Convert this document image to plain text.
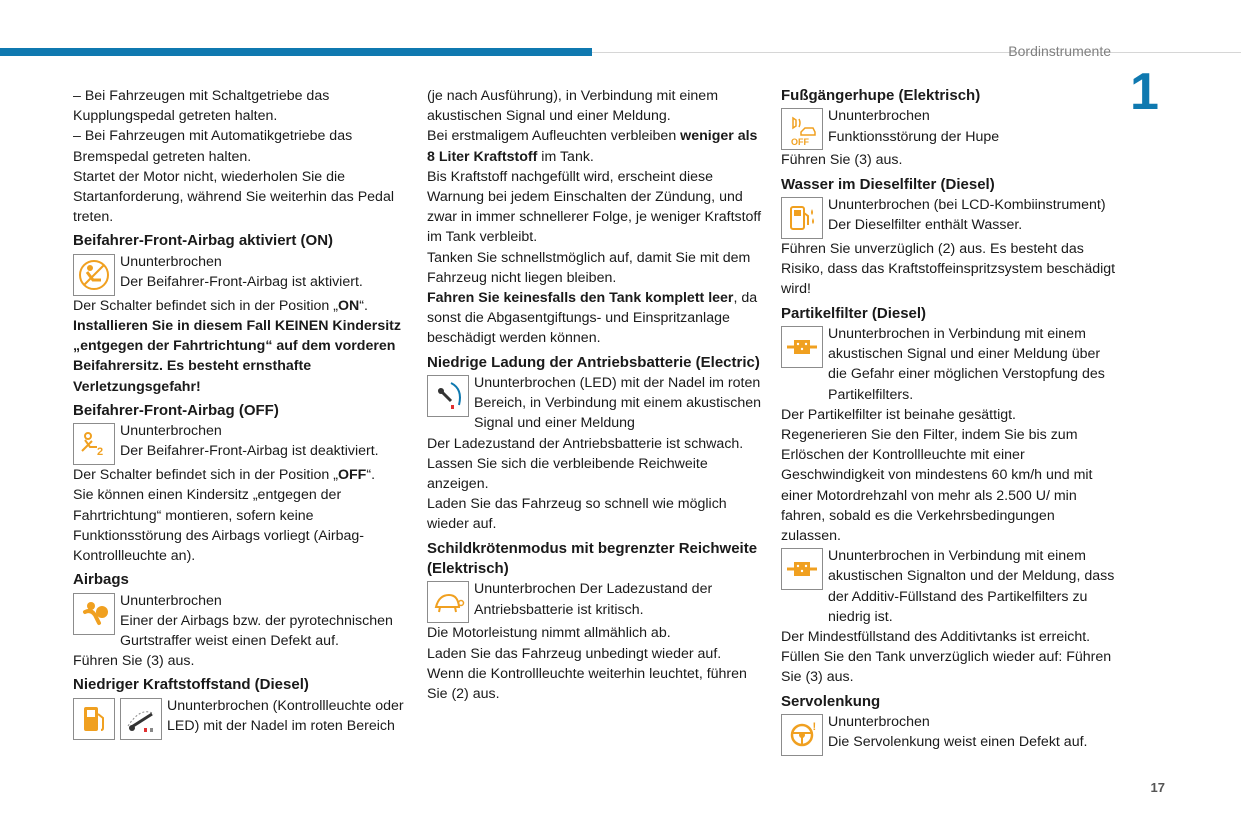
Bordinstrumente
1
17

– Bei Fahrzeugen mit Schaltgetriebe das Kupplungspedal getreten halten.

– Bei Fahrzeugen mit Automatikgetriebe das Bremspedal getreten halten.

Startet der Motor nicht, wiederholen Sie die Startanforderung, während Sie weiterhin das Pedal treten.

Beifahrer-Front-Airbag aktiviert (ON)

Ununterbrochen

Der Beifahrer-Front-Airbag ist aktiviert.

Der Schalter befindet sich in der Position „ON“.

Installieren Sie in diesem Fall KEINEN Kindersitz „entgegen der Fahrtrichtung“ auf dem vorderen Beifahrersitz. Es besteht ernsthafte Verletzungsgefahr!

Beifahrer-Front-Airbag (OFF)
2

Ununterbrochen

Der Beifahrer-Front-Airbag ist deaktiviert.

Der Schalter befindet sich in der Position „OFF“.

Sie können einen Kindersitz „entgegen der Fahrtrichtung“ montieren, sofern keine Funktionsstörung des Airbags vorliegt (Airbag-Kontrollleuchte an).

Airbags

Ununterbrochen

Einer der Airbags bzw. der pyrotechnischen Gurtstraffer weist einen Defekt auf.

Führen Sie (3) aus.

Niedriger Kraftstoffstand (Diesel)

Ununterbrochen (Kontrollleuchte oder LED) mit der Nadel im roten Bereich

(je nach Ausführung), in Verbindung mit einem akustischen Signal und einer Meldung.

Bei erstmaligem Aufleuchten verbleiben weniger als 8 Liter Kraftstoff im Tank.

Bis Kraftstoff nachgefüllt wird, erscheint diese Warnung bei jedem Einschalten der Zündung, und zwar in immer schnellerer Folge, je weniger Kraftstoff im Tank verbleibt.

Tanken Sie schnellstmöglich auf, damit Sie mit dem Fahrzeug nicht liegen bleiben.

Fahren Sie keinesfalls den Tank komplett leer, da sonst die Abgasentgiftungs- und Einspritzanlage beschädigt werden können.

Niedrige Ladung der Antriebsbatterie (Electric)

Ununterbrochen (LED) mit der Nadel im roten Bereich, in Verbindung mit einem akustischen Signal und einer Meldung

Der Ladezustand der Antriebsbatterie ist schwach.

Lassen Sie sich die verbleibende Reichweite anzeigen.

Laden Sie das Fahrzeug so schnell wie möglich wieder auf.

Schildkrötenmodus mit begrenzter Reichweite (Elektrisch)

Ununterbrochen Der Ladezustand der Antriebsbatterie ist kritisch.

Die Motorleistung nimmt allmählich ab.

Laden Sie das Fahrzeug unbedingt wieder auf.

Wenn die Kontrollleuchte weiterhin leuchtet, führen Sie (2) aus.

Fußgängerhupe (Elektrisch)
OFF

Ununterbrochen

Funktionsstörung der Hupe

Führen Sie (3) aus.

Wasser im Dieselfilter (Diesel)

Ununterbrochen (bei LCD-Kombiinstrument)

Der Dieselfilter enthält Wasser.

Führen Sie unverzüglich (2) aus. Es besteht das Risiko, dass das Kraftstoffeinspritzsystem beschädigt wird!

Partikelfilter (Diesel)

Ununterbrochen in Verbindung mit einem akustischen Signal und einer Meldung über die Gefahr einer möglichen Verstopfung des Partikelfilters.

Der Partikelfilter ist beinahe gesättigt.

Regenerieren Sie den Filter, indem Sie bis zum Erlöschen der Kontrollleuchte mit einer Geschwindigkeit von mindestens 60 km/h und mit einer Motordrehzahl von mehr als 2.500 U/ min fahren, sobald es die Verkehrsbedingungen zulassen.

Ununterbrochen in Verbindung mit einem akustischen Signalton und der Meldung, dass der Additiv-Füllstand des Partikelfilters zu niedrig ist.

Der Mindestfüllstand des Additivtanks ist erreicht.

Füllen Sie den Tank unverzüglich wieder auf: Führen Sie (3) aus.

Servolenkung
! Ununterbrochen

Die Servolenkung weist einen Defekt auf.
